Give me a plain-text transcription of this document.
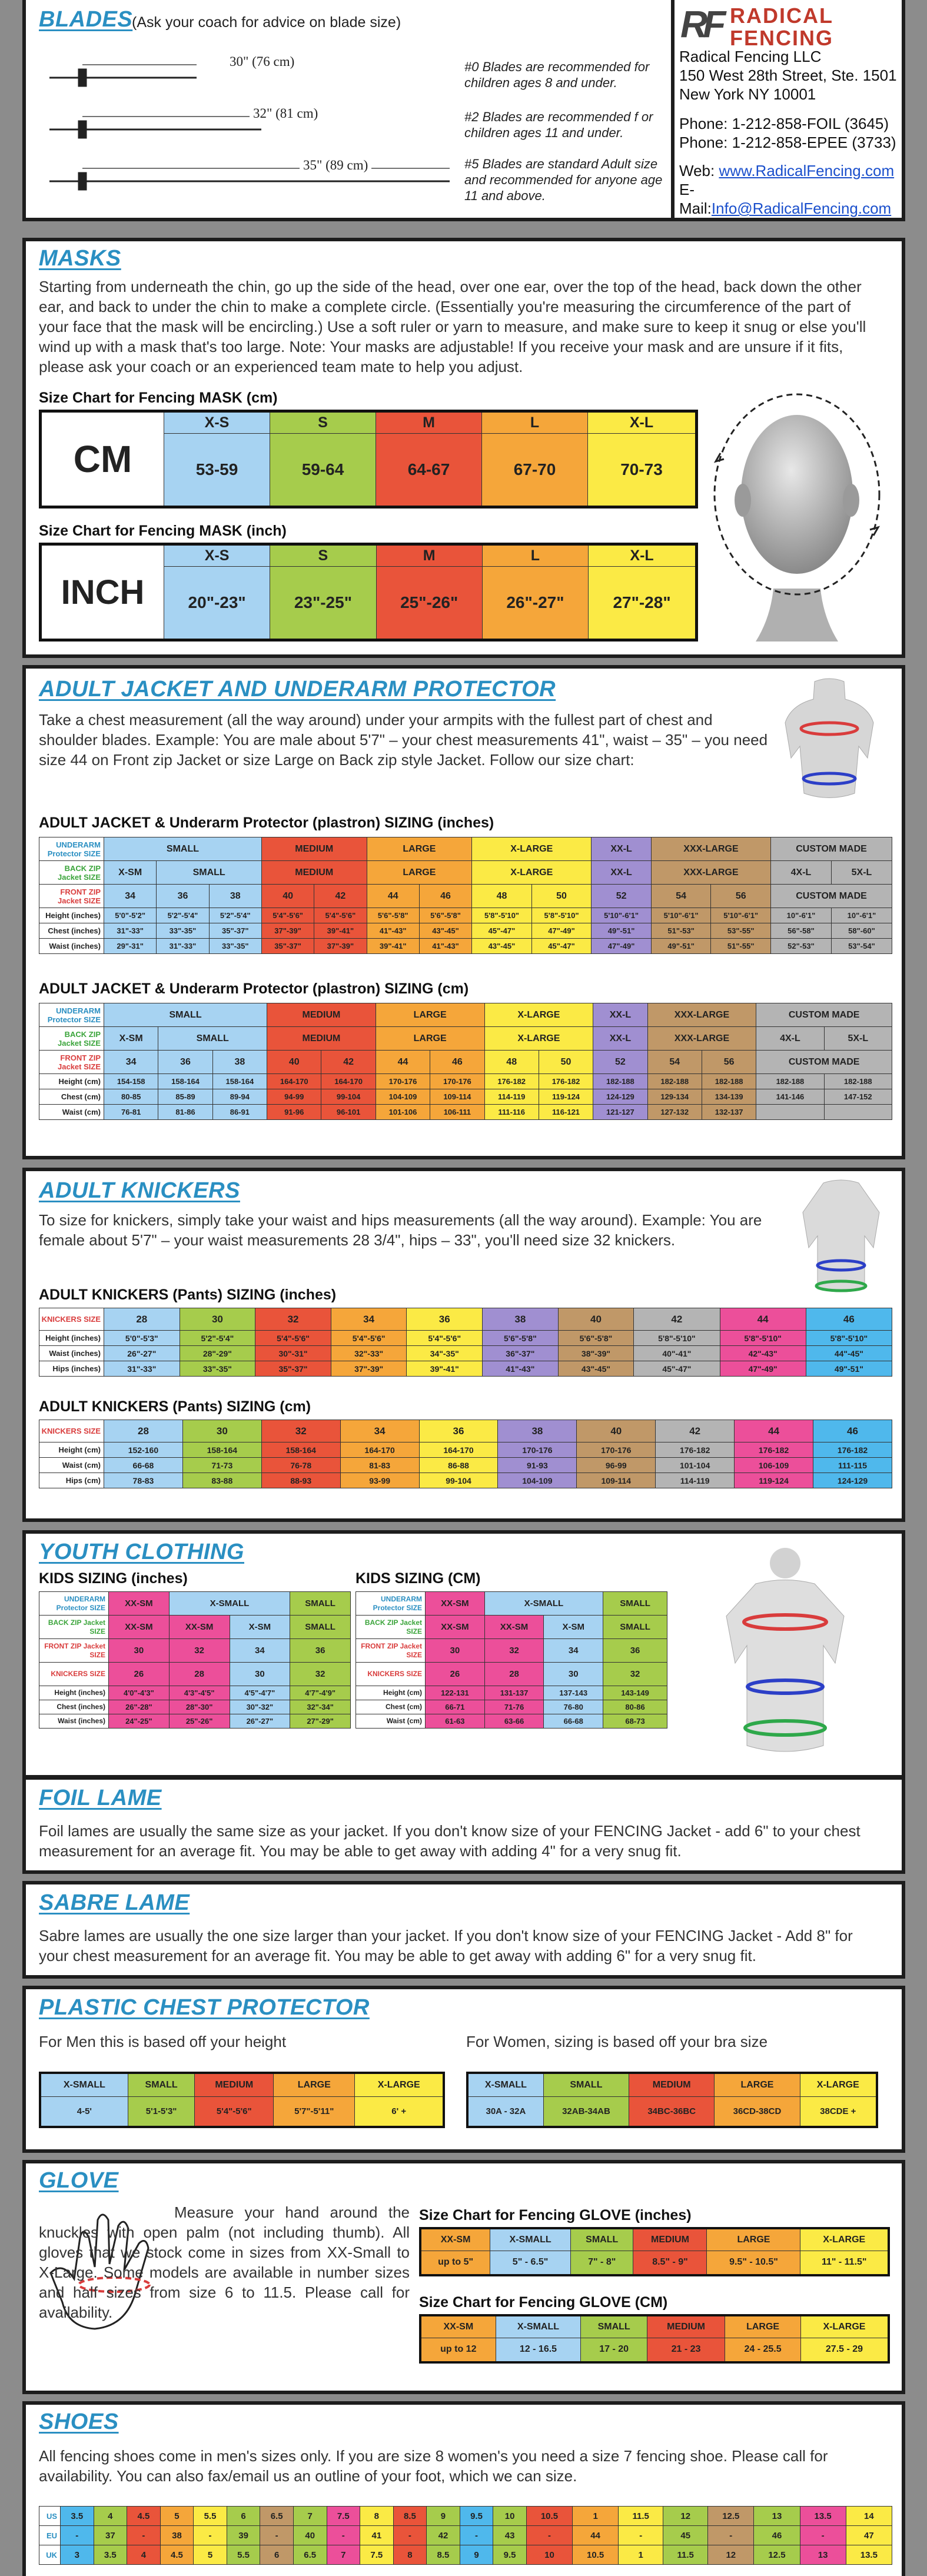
BLADES
(Ask your coach for advice on blade size)
30" (76 cm)
32" (81 cm)
35" (89 cm)
#0 Blades are recommended for children ages 8 and under.
#2 Blades are recommended f or children ages 11 and under.
#5 Blades are standard Adult size and recommended for anyone age 11 and above.
RF RADICAL FENCING
Radical Fencing LLC
150 West 28th Street, Ste. 1501
New York NY 10001
Phone: 1-212-858-FOIL (3645)
Phone: 1-212-858-EPEE (3733)
Web: www.RadicalFencing.com
E-Mail:Info@RadicalFencing.com
MASKS
Starting from underneath the chin, go up the side of the head, over one ear, over the top of the head, back down the other ear, and back to under the chin to make a complete circle. (Essentially you're measuring the circumference of the part of your face that the mask will be encircling.) Use a soft ruler or yarn to measure, and make sure to keep it snug or else you'll wind up with a mask that's too large. Note: Your masks are adjustable! If you receive your mask and are unsure if it fits, please ask your coach or an experienced team mate to help you adjust.
Size Chart for Fencing MASK (cm)
CM	X-S	S	M	L	X-L
	53-59	59-64	64-67	67-70	70-73
Size Chart for Fencing MASK (inch)
INCH	X-S	S	M	L	X-L
	20"-23"	23"-25"	25"-26"	26"-27"	27"-28"
ADULT JACKET AND UNDERARM PROTECTOR
Take a chest measurement (all the way around) under your armpits with the fullest part of chest and shoulder blades. Example: You are male about 5'7" – your chest measurements 41", waist – 35" – you need size 44 on Front zip Jacket or size Large on Back zip style Jacket. Follow our size chart:
ADULT JACKET & Underarm Protector (plastron) SIZING (inches)
UNDERARM Protector SIZE	SMALL			MEDIUM		LARGE		X-LARGE		XX-L	XXX-LARGE		CUSTOM MADE	
BACK ZIP Jacket SIZE	X-SM	SMALL		MEDIUM		LARGE		X-LARGE		XX-L	XXX-LARGE		4X-L	5X-L
FRONT ZIP Jacket SIZE	34	36	38	40	42	44	46	48	50	52	54	56	CUSTOM MADE	
Height (inches)	5'0"-5'2"	5'2"-5'4"	5'2"-5'4"	5'4"-5'6"	5'4"-5'6"	5'6"-5'8"	5'6"-5'8"	5'8"-5'10"	5'8"-5'10"	5'10"-6'1"	5'10"-6'1"	5'10"-6'1"	10"-6'1"	10"-6'1"
Chest (inches)	31"-33"	33"-35"	35"-37"	37"-39"	39"-41"	41"-43"	43"-45"	45"-47"	47"-49"	49"-51"	51"-53"	53"-55"	56"-58"	58"-60"
Waist (inches)	29"-31"	31"-33"	33"-35"	35"-37"	37"-39"	39"-41"	41"-43"	43"-45"	45"-47"	47"-49"	49"-51"	51"-55"	52"-53"	53"-54"
ADULT JACKET & Underarm Protector (plastron) SIZING (cm)
UNDERARM Protector SIZE	SMALL			MEDIUM		LARGE		X-LARGE		XX-L	XXX-LARGE		CUSTOM MADE	
BACK ZIP Jacket SIZE	X-SM	SMALL		MEDIUM		LARGE		X-LARGE		XX-L	XXX-LARGE		4X-L	5X-L
FRONT ZIP Jacket SIZE	34	36	38	40	42	44	46	48	50	52	54	56	CUSTOM MADE	
Height (cm)	154-158	158-164	158-164	164-170	164-170	170-176	170-176	176-182	176-182	182-188	182-188	182-188	182-188	182-188
Chest (cm)	80-85	85-89	89-94	94-99	99-104	104-109	109-114	114-119	119-124	124-129	129-134	134-139	141-146	147-152
Waist (cm)	76-81	81-86	86-91	91-96	96-101	101-106	106-111	111-116	116-121	121-127	127-132	132-137		
ADULT KNICKERS
To size for knickers, simply take your waist and hips measurements (all the way around). Example: You are female about 5'7" – your waist measurements 28 3/4", hips – 33", you'll need size 32 knickers.
ADULT KNICKERS (Pants) SIZING (inches)
KNICKERS SIZE	28	30	32	34	36	38	40	42	44	46
Height (inches)	5'0"-5'3"	5'2"-5'4"	5'4"-5'6"	5'4"-5'6"	5'4"-5'6"	5'6"-5'8"	5'6"-5'8"	5'8"-5'10"	5'8"-5'10"	5'8"-5'10"
Waist (inches)	26"-27"	28"-29"	30"-31"	32"-33"	34"-35"	36"-37"	38"-39"	40"-41"	42"-43"	44"-45"
Hips (inches)	31"-33"	33"-35"	35"-37"	37"-39"	39"-41"	41"-43"	43"-45"	45"-47"	47"-49"	49"-51"
ADULT KNICKERS (Pants) SIZING (cm)
KNICKERS SIZE	28	30	32	34	36	38	40	42	44	46
Height (cm)	152-160	158-164	158-164	164-170	164-170	170-176	170-176	176-182	176-182	176-182
Waist (cm)	66-68	71-73	76-78	81-83	86-88	91-93	96-99	101-104	106-109	111-115
Hips (cm)	78-83	83-88	88-93	93-99	99-104	104-109	109-114	114-119	119-124	124-129
YOUTH CLOTHING
KIDS SIZING (inches)	KIDS SIZING (CM)
UNDERARM Protector SIZE	XX-SM	X-SMALL		SMALL
BACK ZIP Jacket SIZE	XX-SM	XX-SM	X-SM	SMALL
FRONT ZIP Jacket SIZE	30	32	34	36
KNICKERS SIZE	26	28	30	32
Height (inches)	4'0"-4'3"	4'3"-4'5"	4'5"-4'7"	4'7"-4'9"
Chest (inches)	26"-28"	28"-30"	30"-32"	32"-34"
Waist (inches)	24"-25"	25"-26"	26"-27"	27"-29"
UNDERARM Protector SIZE	XX-SM	X-SMALL		SMALL
BACK ZIP Jacket SIZE	XX-SM	XX-SM	X-SM	SMALL
FRONT ZIP Jacket SIZE	30	32	34	36
KNICKERS SIZE	26	28	30	32
Height (cm)	122-131	131-137	137-143	143-149
Chest (cm)	66-71	71-76	76-80	80-86
Waist (cm)	61-63	63-66	66-68	68-73
FOIL LAME
Foil lames are usually the same size as your jacket. If you don't know size of your FENCING Jacket - add 6" to your chest measurement for an average fit. You may be able to get away with adding 4" for a very snug fit.
SABRE LAME
Sabre lames are usually the one size larger than your jacket. If you don't know size of your FENCING Jacket - Add 8" for your chest measurement for an average fit. You may be able to get away with adding 6" for a very snug fit.
PLASTIC CHEST PROTECTOR
For Men this is based off your height	For Women, sizing is based off your bra size
X-SMALL	SMALL	MEDIUM	LARGE	X-LARGE
4-5'	5'1-5'3"	5'4"-5'6"	5'7"-5'11"	6' +
X-SMALL	SMALL	MEDIUM	LARGE	X-LARGE
30A - 32A	32AB-34AB	34BC-36BC	36CD-38CD	38CDE +
GLOVE
Measure your hand around the knuckles with open palm (not including thumb). All gloves that we stock come in sizes from XX-Small to X-Large. Some models are available in number sizes and half sizes from size 6 to 11.5. Please call for availability.
Size Chart for Fencing GLOVE (inches)
XX-SM	X-SMALL	SMALL	MEDIUM	LARGE	X-LARGE
up to 5"	5" - 6.5"	7" - 8"	8.5" - 9"	9.5" - 10.5"	11" - 11.5"
Size Chart for Fencing GLOVE (CM)
XX-SM	X-SMALL	SMALL	MEDIUM	LARGE	X-LARGE
up to 12	12 - 16.5	17 - 20	21 - 23	24 - 25.5	27.5 - 29
SHOES
All fencing shoes come in men's sizes only. If you are size 8 women's you need a size 7 fencing shoe. Please call for availability. You can also fax/email us an outline of your foot, which we can size.
US	3.5	4	4.5	5	5.5	6	6.5	7	7.5	8	8.5	9	9.5	10	10.5	1	11.5	12	12.5	13	13.5	14
EU	-	37	-	38	-	39	-	40	-	41	-	42	-	43	-	44	-	45	-	46	-	47
UK	3	3.5	4	4.5	5	5.5	6	6.5	7	7.5	8	8.5	9	9.5	10	10.5	1	11.5	12	12.5	13	13.5
